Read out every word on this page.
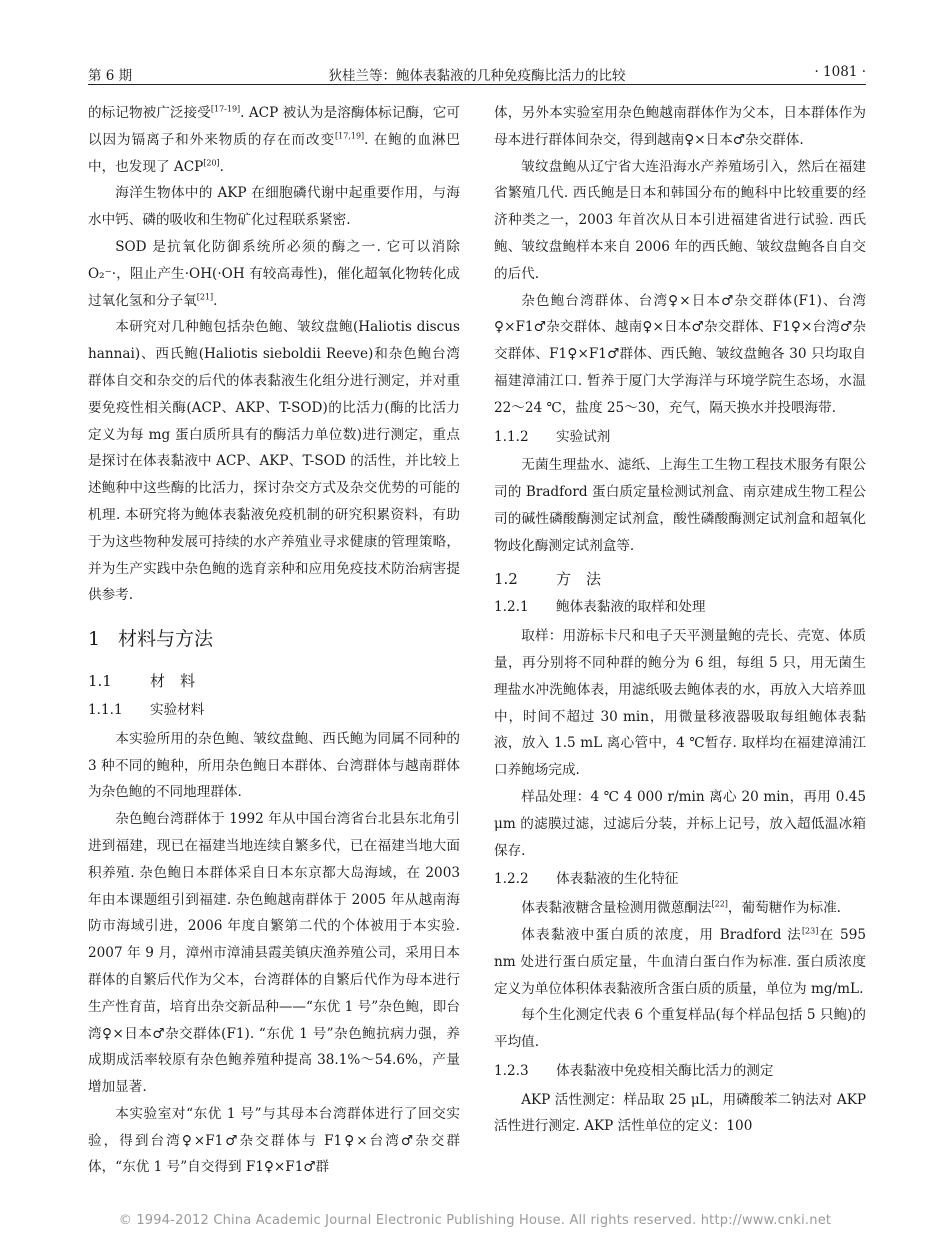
第 6 期	狄桂兰等：鲍体表黏液的几种免疫酶比活力的比较	· 1081 ·

的标记物被广泛接受[17-19]. ACP 被认为是溶酶体标记酶，它可以因为镉离子和外来物质的存在而改变[17,19]. 在鲍的血淋巴中，也发现了 ACP[20].

海洋生物体中的 AKP 在细胞磷代谢中起重要作用，与海水中钙、磷的吸收和生物矿化过程联系紧密.

SOD 是抗氧化防御系统所必须的酶之一. 它可以消除 O₂⁻·，阻止产生·OH(·OH 有较高毒性)，催化超氧化物转化成过氧化氢和分子氧[21].

本研究对几种鲍包括杂色鲍、皱纹盘鲍(Haliotis discus hannai)、西氏鲍(Haliotis sieboldii Reeve)和杂色鲍台湾群体自交和杂交的后代的体表黏液生化组分进行测定，并对重要免疫性相关酶(ACP、AKP、T-SOD)的比活力(酶的比活力定义为每 mg 蛋白质所具有的酶活力单位数)进行测定，重点是探讨在体表黏液中 ACP、AKP、T-SOD 的活性，并比较上述鲍种中这些酶的比活力，探讨杂交方式及杂交优势的可能的机理. 本研究将为鲍体表黏液免疫机制的研究积累资料，有助于为这些物种发展可持续的水产养殖业寻求健康的管理策略，并为生产实践中杂色鲍的选育亲种和应用免疫技术防治病害提供参考.

1 材料与方法
1.1	材　料
1.1.1 实验材料

本实验所用的杂色鲍、皱纹盘鲍、西氏鲍为同属不同种的 3 种不同的鲍种，所用杂色鲍日本群体、台湾群体与越南群体为杂色鲍的不同地理群体.

杂色鲍台湾群体于 1992 年从中国台湾省台北县东北角引进到福建，现已在福建当地连续自繁多代，已在福建当地大面积养殖. 杂色鲍日本群体采自日本东京都大岛海域，在 2003 年由本课题组引到福建. 杂色鲍越南群体于 2005 年从越南海防市海域引进，2006 年度自繁第二代的个体被用于本实验. 2007 年 9 月，漳州市漳浦县霞美镇庆渔养殖公司，采用日本群体的自繁后代作为父本，台湾群体的自繁后代作为母本进行生产性育苗，培育出杂交新品种——“东优 1 号”杂色鲍，即台湾♀×日本♂杂交群体(F1). “东优 1 号”杂色鲍抗病力强，养成期成活率较原有杂色鲍养殖种提高 38.1%～54.6%，产量增加显著.

本实验室对“东优 1 号”与其母本台湾群体进行了回交实验，得到台湾♀×F1♂杂交群体与 F1♀×台湾♂杂交群体，“东优 1 号”自交得到 F1♀×F1♂群

体，另外本实验室用杂色鲍越南群体作为父本，日本群体作为母本进行群体间杂交，得到越南♀×日本♂杂交群体.

皱纹盘鲍从辽宁省大连沿海水产养殖场引入，然后在福建省繁殖几代. 西氏鲍是日本和韩国分布的鲍科中比较重要的经济种类之一，2003 年首次从日本引进福建省进行试验. 西氏鲍、皱纹盘鲍样本来自 2006 年的西氏鲍、皱纹盘鲍各自自交的后代.

杂色鲍台湾群体、台湾♀×日本♂杂交群体(F1)、台湾♀×F1♂杂交群体、越南♀×日本♂杂交群体、F1♀×台湾♂杂交群体、F1♀×F1♂群体、西氏鲍、皱纹盘鲍各 30 只均取自福建漳浦江口. 暂养于厦门大学海洋与环境学院生态场，水温 22～24 ℃，盐度 25～30，充气，隔天换水并投喂海带.

1.1.2 实验试剂

无菌生理盐水、滤纸、上海生工生物工程技术服务有限公司的 Bradford 蛋白质定量检测试剂盒、南京建成生物工程公司的碱性磷酸酶测定试剂盒，酸性磷酸酶测定试剂盒和超氧化物歧化酶测定试剂盒等.

1.2	方　法
1.2.1 鲍体表黏液的取样和处理

取样：用游标卡尺和电子天平测量鲍的壳长、壳宽、体质量，再分别将不同种群的鲍分为 6 组，每组 5 只，用无菌生理盐水冲洗鲍体表，用滤纸吸去鲍体表的水，再放入大培养皿中，时间不超过 30 min，用微量移液器吸取每组鲍体表黏液，放入 1.5 mL 离心管中，4 ℃暂存. 取样均在福建漳浦江口养鲍场完成.

样品处理：4 ℃ 4 000 r/min 离心 20 min，再用 0.45 μm 的滤膜过滤，过滤后分装，并标上记号，放入超低温冰箱保存.

1.2.2 体表黏液的生化特征

体表黏液糖含量检测用微蒽酮法[22]，葡萄糖作为标准.

体表黏液中蛋白质的浓度，用 Bradford 法[23]在 595 nm 处进行蛋白质定量，牛血清白蛋白作为标准. 蛋白质浓度定义为单位体积体表黏液所含蛋白质的质量，单位为 mg/mL.

每个生化测定代表 6 个重复样品(每个样品包括 5 只鲍)的平均值.

1.2.3 体表黏液中免疫相关酶比活力的测定

AKP 活性测定：样品取 25 μL，用磷酸苯二钠法对 AKP 活性进行测定. AKP 活性单位的定义：100

© 1994-2012 China Academic Journal Electronic Publishing House. All rights reserved. http://www.cnki.net
